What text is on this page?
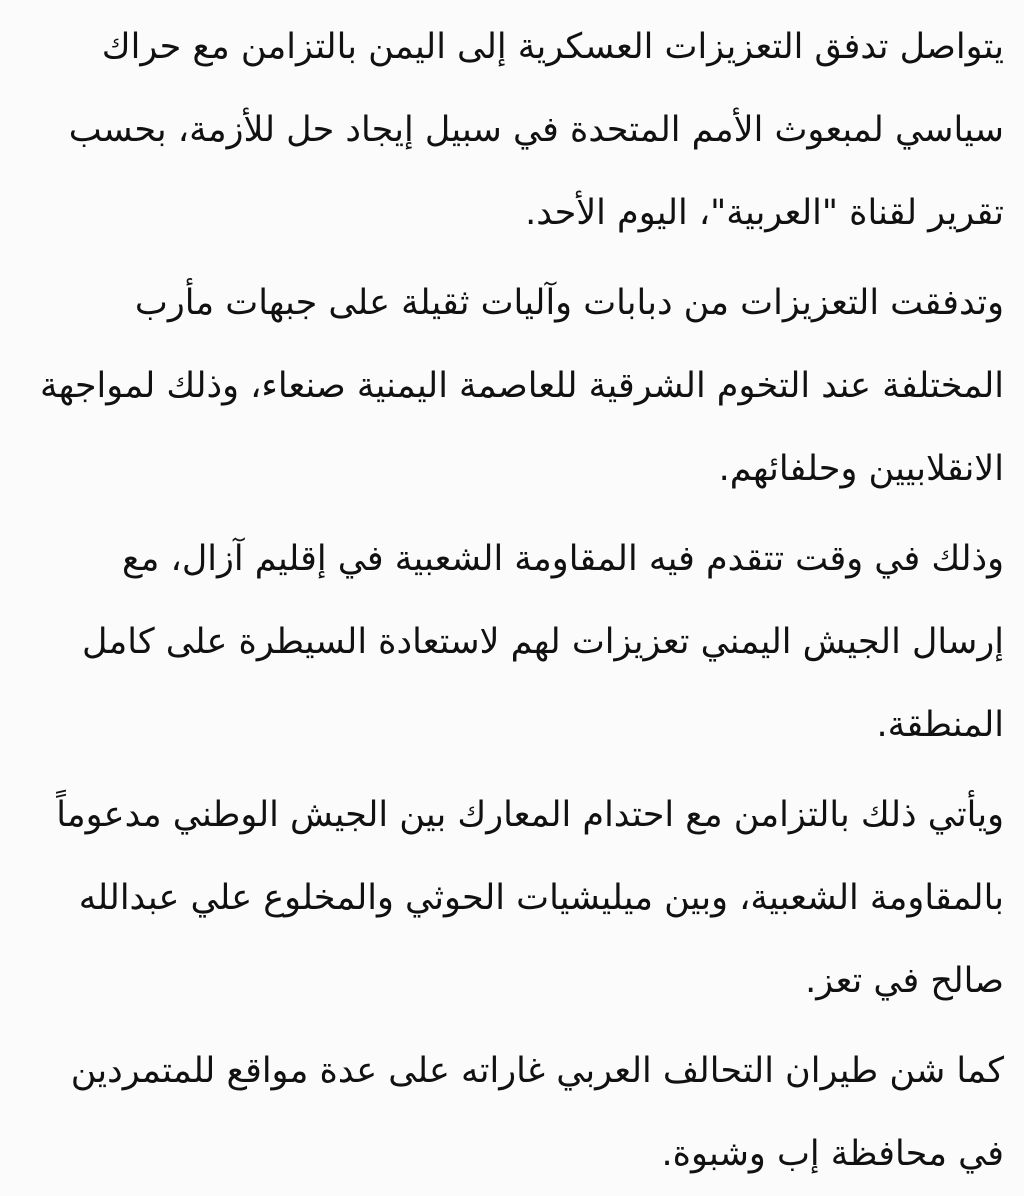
يتواصل تدفق التعزيزات العسكرية إلى اليمن بالتزامن مع حراك سياسي لمبعوث الأمم المتحدة في سبيل إيجاد حل للأزمة، بحسب تقرير لقناة "العربية"، اليوم الأحد.

وتدفقت التعزيزات من دبابات وآليات ثقيلة على جبهات مأرب المختلفة عند التخوم الشرقية للعاصمة اليمنية صنعاء، وذلك لمواجهة الانقلابيين وحلفائهم.

وذلك في وقت تتقدم فيه المقاومة الشعبية في إقليم آزال، مع إرسال الجيش اليمني تعزيزات لهم لاستعادة السيطرة على كامل المنطقة.

ويأتي ذلك بالتزامن مع احتدام المعارك بين الجيش الوطني مدعوماً بالمقاومة الشعبية، وبين ميليشيات الحوثي والمخلوع علي عبدالله صالح في تعز.

كما شن طيران التحالف العربي غاراته على عدة مواقع للمتمردين في محافظة إب وشبوة.
